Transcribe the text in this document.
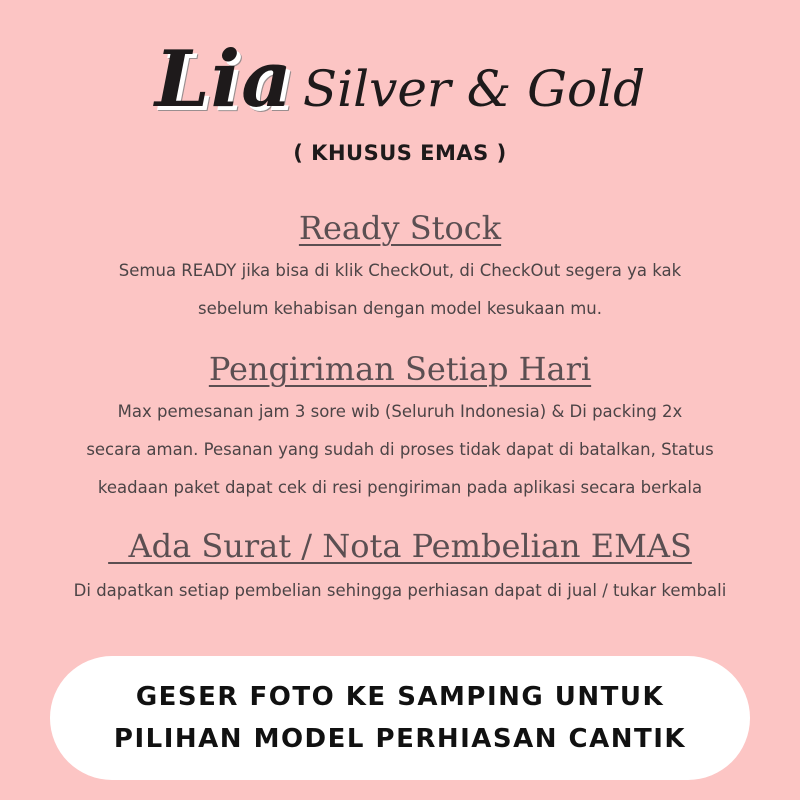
Lia Silver & Gold
( KHUSUS EMAS )
Ready Stock
Semua READY jika bisa di klik CheckOut, di CheckOut segera ya kak
sebelum kehabisan dengan model kesukaan mu.
Pengiriman Setiap Hari
Max pemesanan jam 3 sore wib (Seluruh Indonesia) & Di packing 2x
secara aman. Pesanan yang sudah di proses tidak dapat di batalkan, Status
keadaan paket dapat cek di resi pengiriman pada aplikasi secara berkala
Ada Surat / Nota Pembelian EMAS
Di dapatkan setiap pembelian sehingga perhiasan dapat di jual / tukar kembali
GESER FOTO KE SAMPING UNTUK
PILIHAN MODEL PERHIASAN CANTIK
